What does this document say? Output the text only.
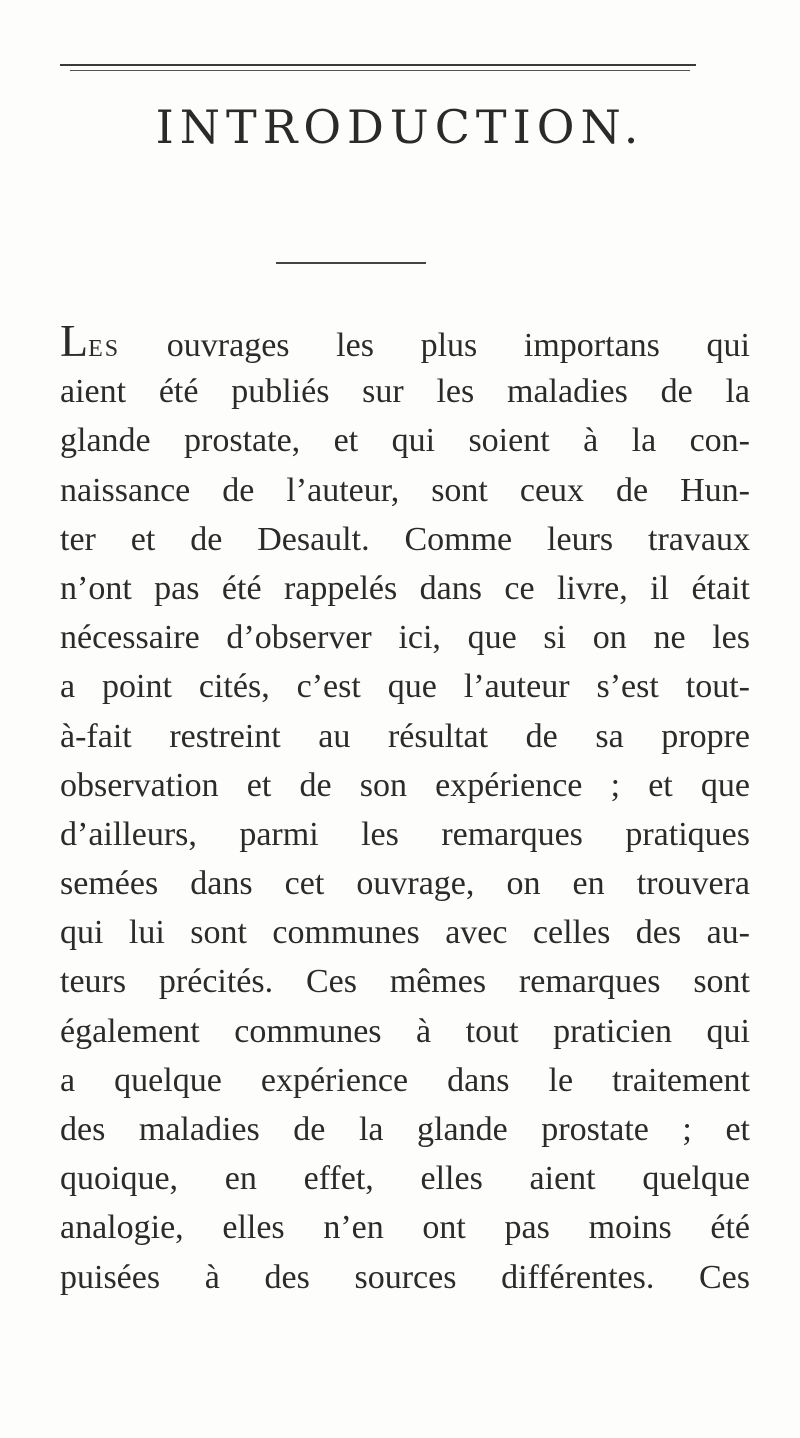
INTRODUCTION.
LES ouvrages les plus importans qui
aient été publiés sur les maladies de la
glande prostate, et qui soient à la con-
naissance de l’auteur, sont ceux de Hun-
ter et de Desault. Comme leurs travaux
n’ont pas été rappelés dans ce livre, il était
nécessaire d’observer ici, que si on ne les
a point cités, c’est que l’auteur s’est tout-
à-fait restreint au résultat de sa propre
observation et de son expérience ; et que
d’ailleurs, parmi les remarques pratiques
semées dans cet ouvrage, on en trouvera
qui lui sont communes avec celles des au-
teurs précités. Ces mêmes remarques sont
également communes à tout praticien qui
a quelque expérience dans le traitement
des maladies de la glande prostate ; et
quoique, en effet, elles aient quelque
analogie, elles n’en ont pas moins été
puisées à des sources différentes. Ces
